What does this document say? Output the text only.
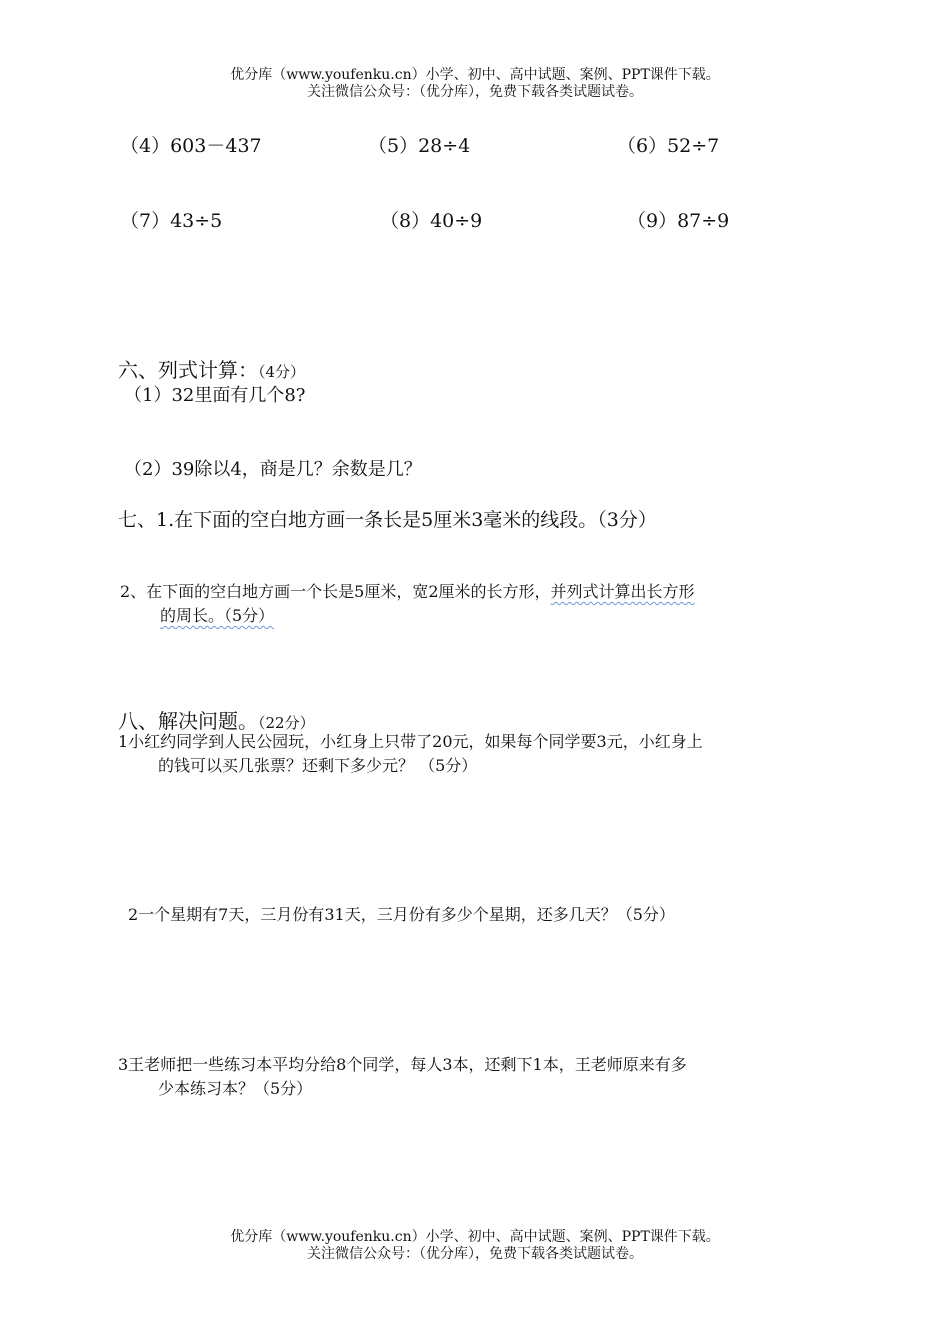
优分库（www.youfenku.cn）小学、初中、高中试题、案例、PPT课件下载。
关注微信公众号：（优分库），免费下载各类试题试卷。
（4）603－437	（5）28÷4	（6）52÷7
（7）43÷5	（8）40÷9	（9）87÷9
六、列式计算：（4分）
（1）32里面有几个8?
（2）39除以4，商是几？余数是几？
七、1.在下面的空白地方画一条长是5厘米3毫米的线段。（3分）
2、在下面的空白地方画一个长是5厘米，宽2厘米的长方形，并列式计算出长方形
的周长。（5分）
八、解决问题。（22分）
1小红约同学到人民公园玩，小红身上只带了20元，如果每个同学要3元，小红身上
的钱可以买几张票？还剩下多少元？ （5分）
2一个星期有7天，三月份有31天，三月份有多少个星期，还多几天？（5分）
3王老师把一些练习本平均分给8个同学，每人3本，还剩下1本，王老师原来有多
少本练习本？（5分）
优分库（www.youfenku.cn）小学、初中、高中试题、案例、PPT课件下载。
关注微信公众号：（优分库），免费下载各类试题试卷。
